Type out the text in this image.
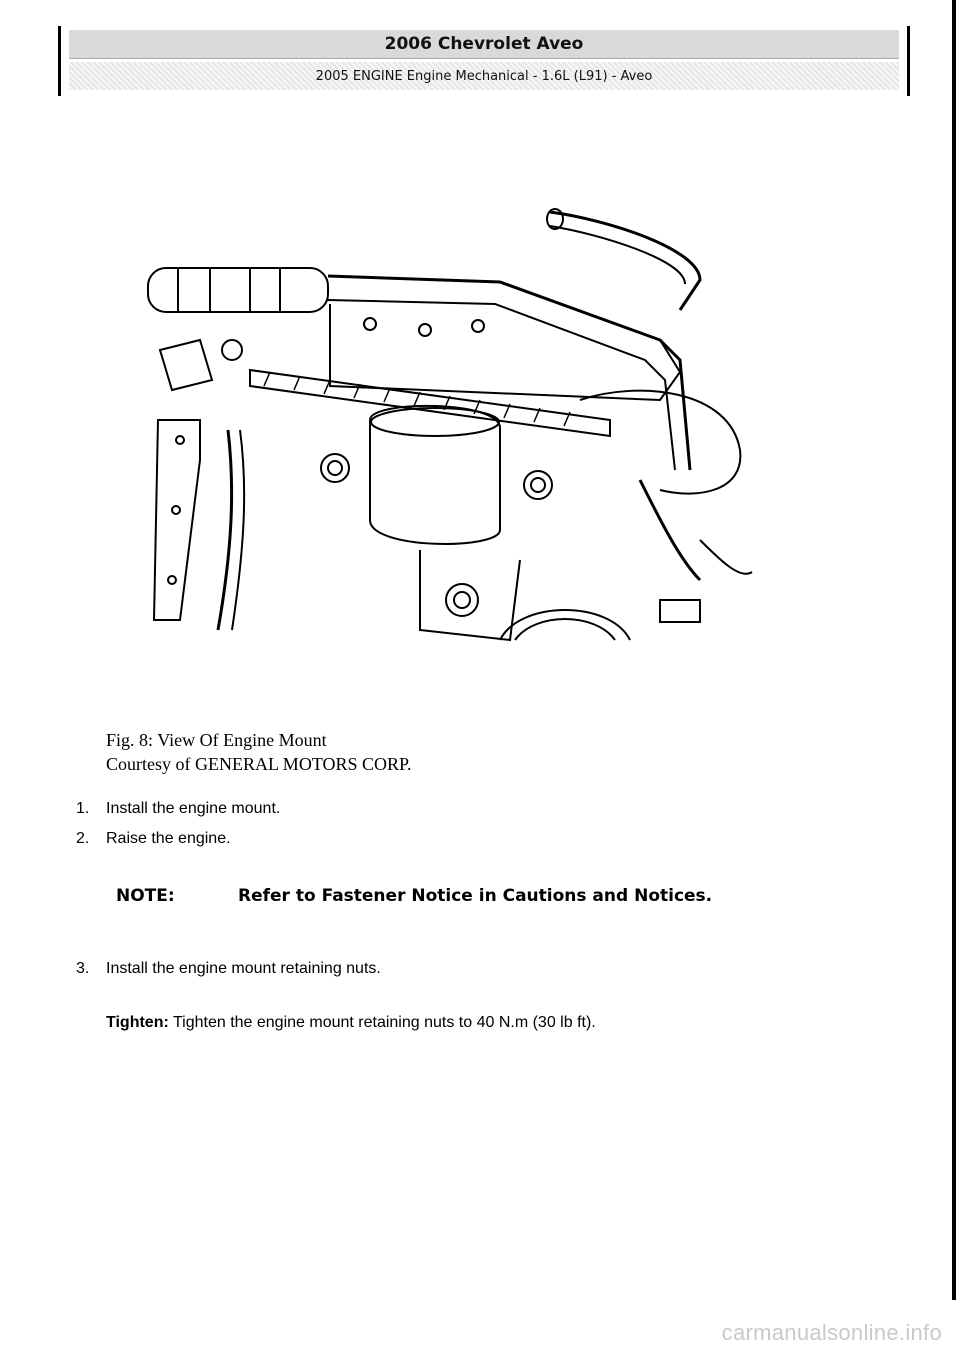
2006 Chevrolet Aveo
2005 ENGINE Engine Mechanical - 1.6L (L91) - Aveo
Fig. 8: View Of Engine Mount
Courtesy of GENERAL MOTORS CORP.
1.	Install the engine mount.
2.	Raise the engine.
NOTE:	Refer to Fastener Notice in Cautions and Notices.
3.	Install the engine mount retaining nuts.
Tighten: Tighten the engine mount retaining nuts to 40 N.m (30 lb ft).
carmanualsonline.info
